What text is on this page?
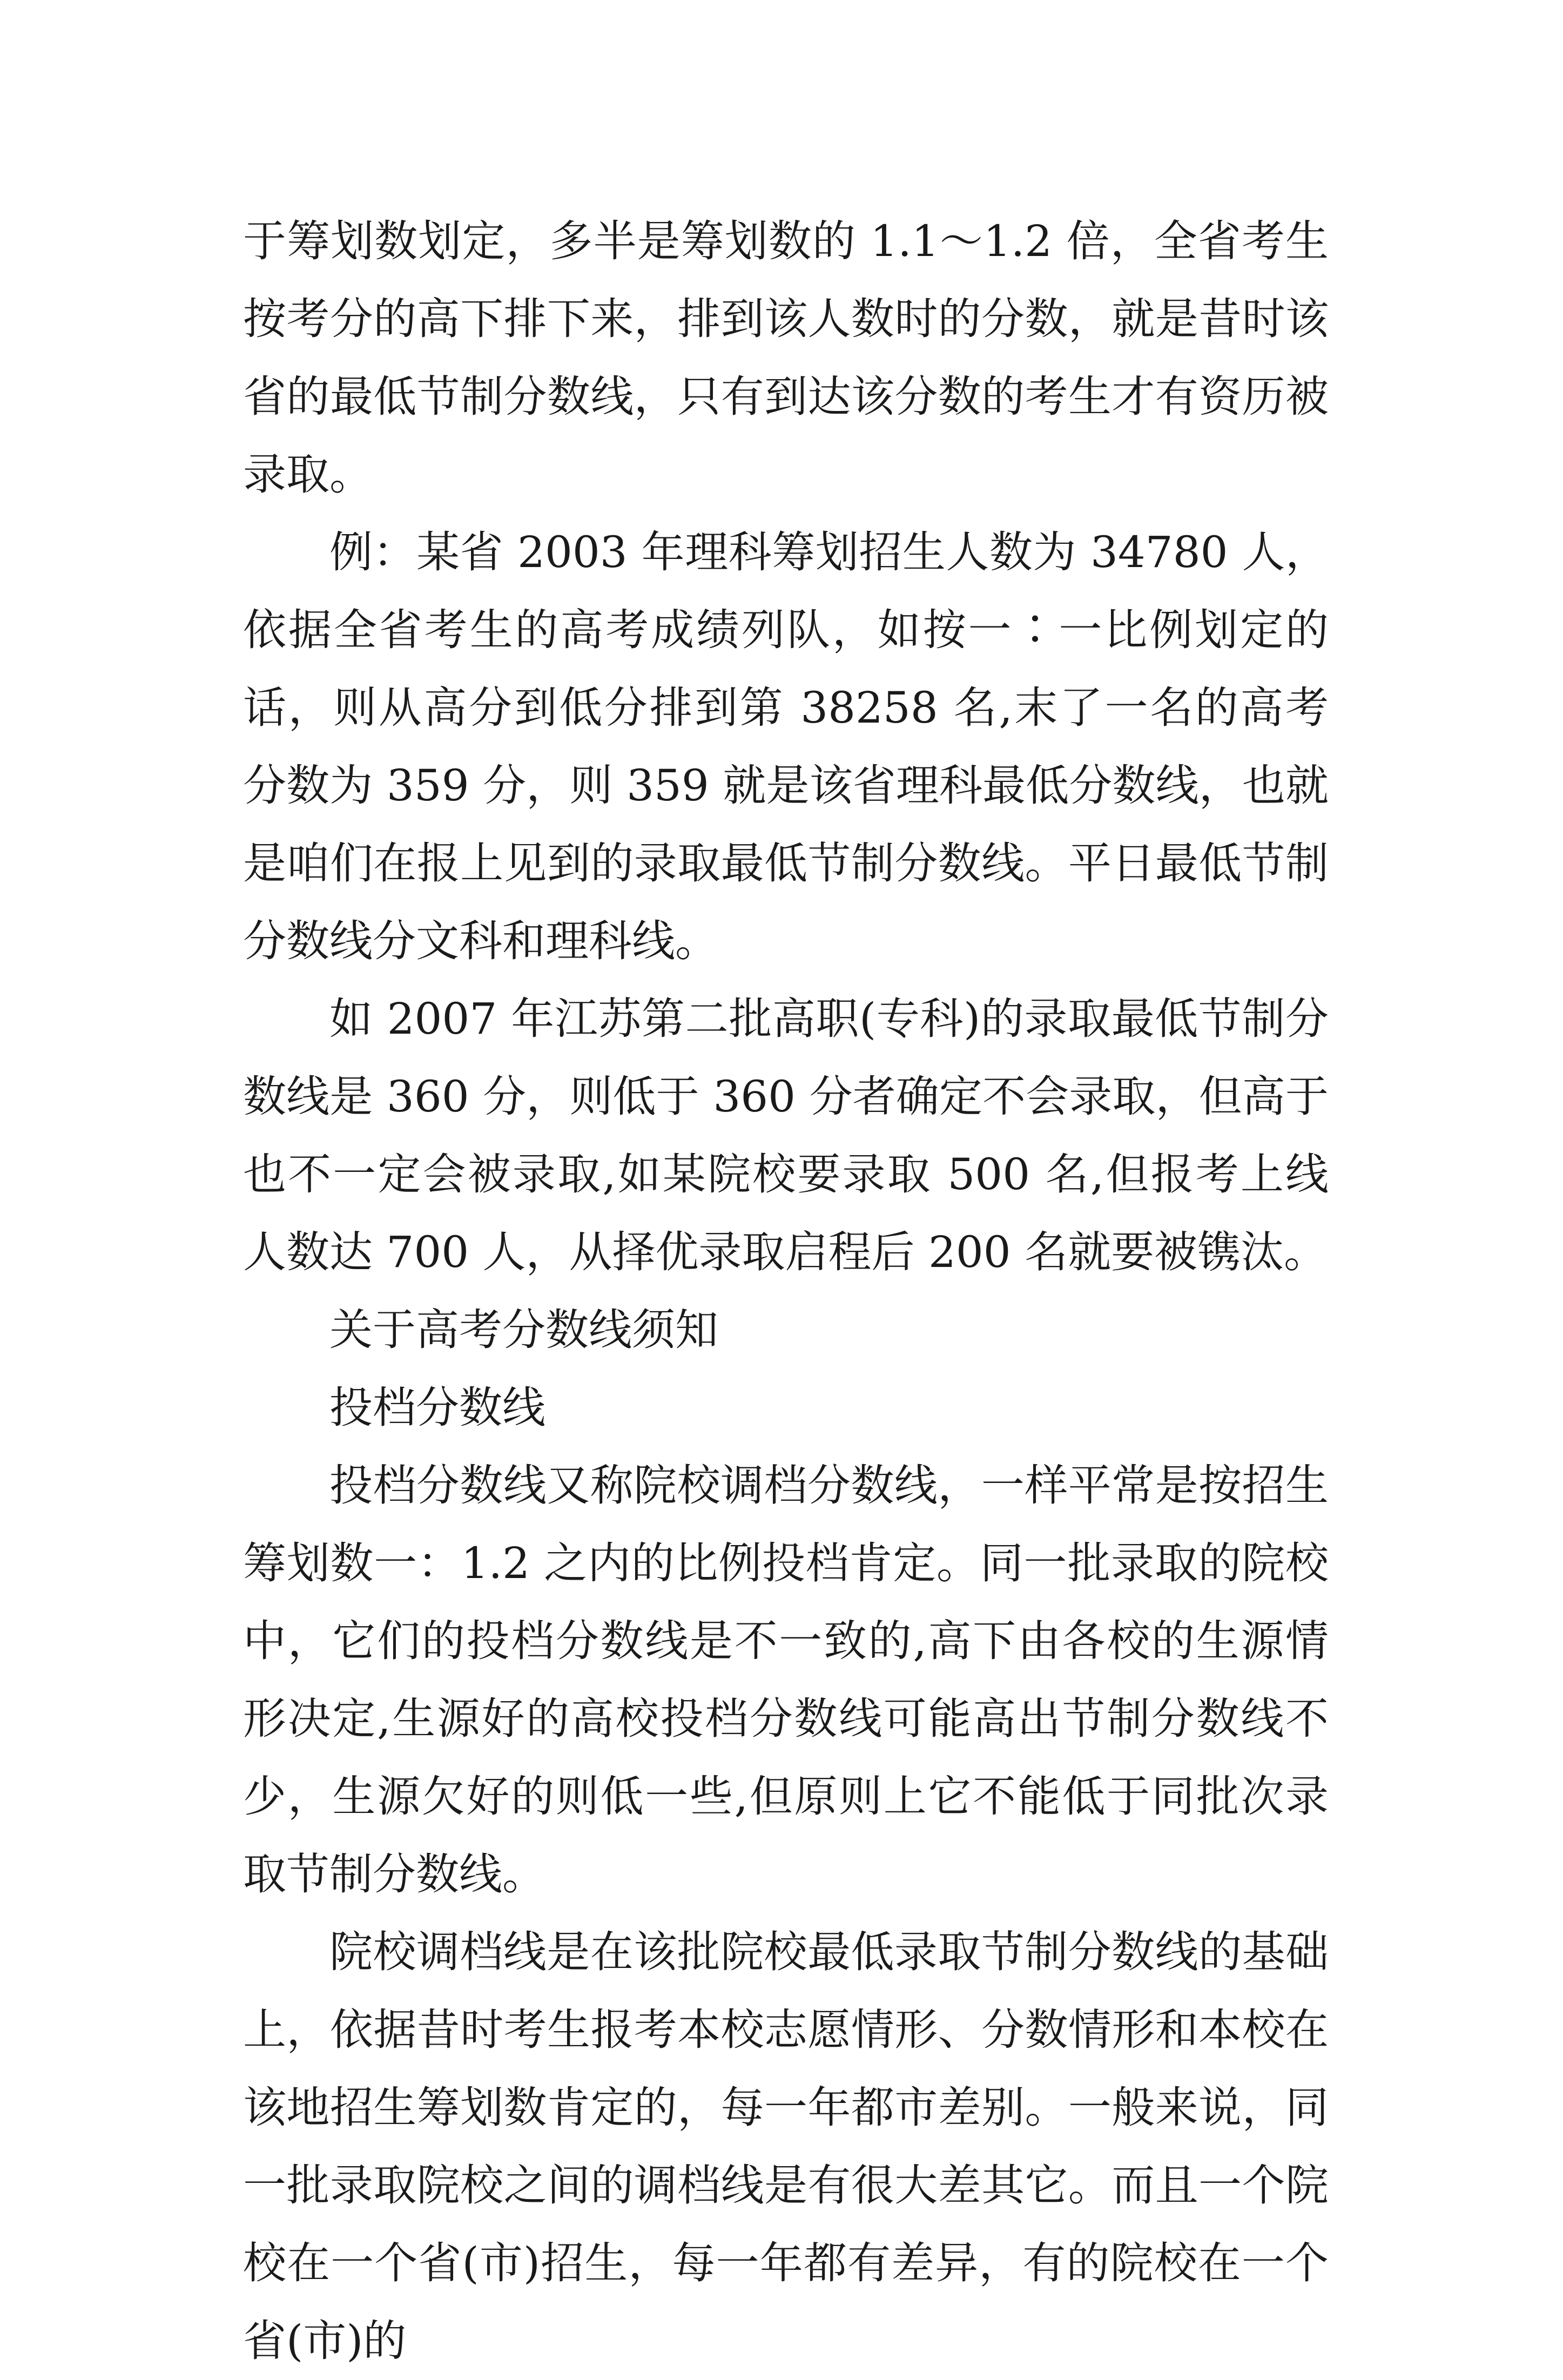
于筹划数划定，多半是筹划数的 1.1～1.2 倍，全省考生按考分的高下排下来，排到该人数时的分数，就是昔时该省的最低节制分数线，只有到达该分数的考生才有资历被录取。

例：某省 2003 年理科筹划招生人数为 34780 人，依据全省考生的高考成绩列队，如按一∶一比例划定的话，则从高分到低分排到第 38258 名,末了一名的高考分数为 359 分，则 359 就是该省理科最低分数线，也就是咱们在报上见到的录取最低节制分数线。平日最低节制分数线分文科和理科线。

如 2007 年江苏第二批高职(专科)的录取最低节制分数线是 360 分，则低于 360 分者确定不会录取，但高于也不一定会被录取,如某院校要录取 500 名,但报考上线人数达 700 人，从择优录取启程后 200 名就要被镌汰。

关于高考分数线须知

投档分数线

投档分数线又称院校调档分数线，一样平常是按招生筹划数一：1.2 之内的比例投档肯定。同一批录取的院校中，它们的投档分数线是不一致的,高下由各校的生源情形决定,生源好的高校投档分数线可能高出节制分数线不少，生源欠好的则低一些,但原则上它不能低于同批次录取节制分数线。

院校调档线是在该批院校最低录取节制分数线的基础上，依据昔时考生报考本校志愿情形、分数情形和本校在该地招生筹划数肯定的，每一年都市差别。一般来说，同一批录取院校之间的调档线是有很大差其它。而且一个院校在一个省(市)招生，每一年都有差异，有的院校在一个省(市)的
